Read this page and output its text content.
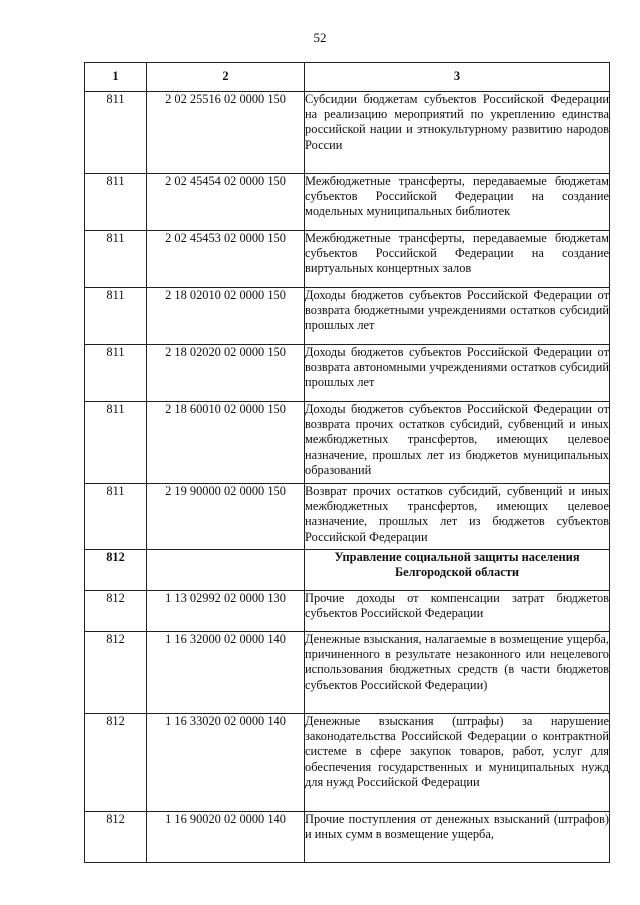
52
1	2	3
811	2 02 25516 02 0000 150	Субсидии бюджетам субъектов Российской Федерации на реализацию мероприятий по укреплению единства российской нации и этнокультурному развитию народов России
811	2 02 45454 02 0000 150	Межбюджетные трансферты, передаваемые бюджетам субъектов Российской Федерации на создание модельных муниципальных библиотек
811	2 02 45453 02 0000 150	Межбюджетные трансферты, передаваемые бюджетам субъектов Российской Федерации на создание виртуальных концертных залов
811	2 18 02010 02 0000 150	Доходы бюджетов субъектов Российской Федерации от возврата бюджетными учреждениями остатков субсидий прошлых лет
811	2 18 02020 02 0000 150	Доходы бюджетов субъектов Российской Федерации от возврата автономными учреждениями остатков субсидий прошлых лет
811	2 18 60010 02 0000 150	Доходы бюджетов субъектов Российской Федерации от возврата прочих остатков субсидий, субвенций и иных межбюджетных трансфертов, имеющих целевое назначение, прошлых лет из бюджетов муниципальных образований
811	2 19 90000 02 0000 150	Возврат прочих остатков субсидий, субвенций и иных межбюджетных трансфертов, имеющих целевое назначение, прошлых лет из бюджетов субъектов Российской Федерации
812		Управление социальной защиты населения Белгородской области
812	1 13 02992 02 0000 130	Прочие доходы от компенсации затрат бюджетов субъектов Российской Федерации
812	1 16 32000 02 0000 140	Денежные взыскания, налагаемые в возмещение ущерба, причиненного в результате незаконного или нецелевого использования бюджетных средств (в части бюджетов субъектов Российской Федерации)
812	1 16 33020 02 0000 140	Денежные взыскания (штрафы) за нарушение законодательства Российской Федерации о контрактной системе в сфере закупок товаров, работ, услуг для обеспечения государственных и муниципальных нужд для нужд Российской Федерации
812	1 16 90020 02 0000 140	Прочие поступления от денежных взысканий (штрафов) и иных сумм в возмещение ущерба,
